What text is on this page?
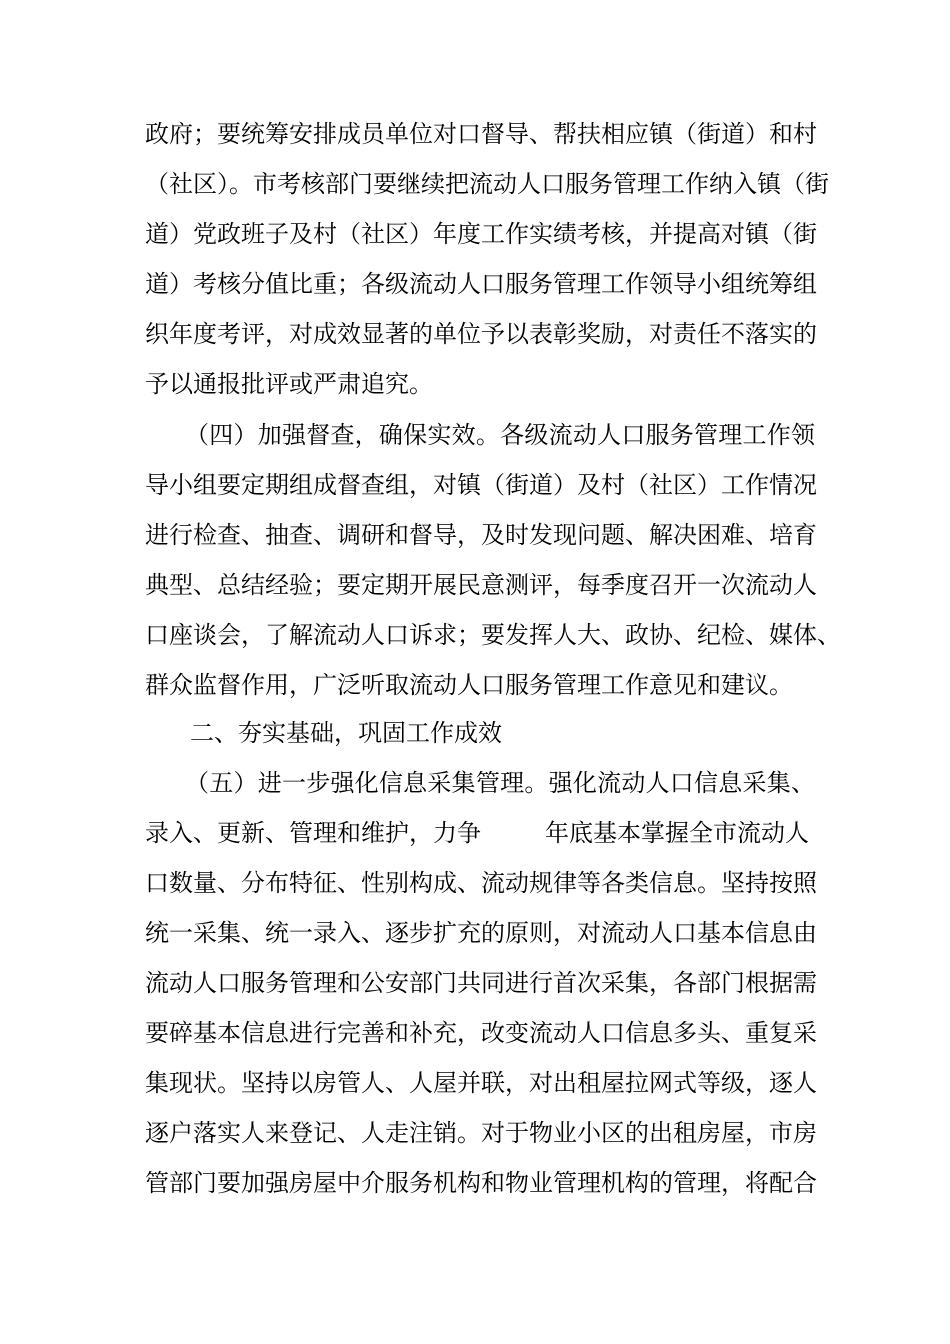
政府；要统筹安排成员单位对口督导、帮扶相应镇（街道）和村
（社区）。市考核部门要继续把流动人口服务管理工作纳入镇（街
道）党政班子及村（社区）年度工作实绩考核，并提高对镇（街
道）考核分值比重；各级流动人口服务管理工作领导小组统筹组
织年度考评，对成效显著的单位予以表彰奖励，对责任不落实的
予以通报批评或严肃追究。
（四）加强督查，确保实效。各级流动人口服务管理工作领
导小组要定期组成督查组，对镇（街道）及村（社区）工作情况
进行检查、抽查、调研和督导，及时发现问题、解决困难、培育
典型、总结经验；要定期开展民意测评，每季度召开一次流动人
口座谈会，了解流动人口诉求；要发挥人大、政协、纪检、媒体、
群众监督作用，广泛听取流动人口服务管理工作意见和建议。
二、夯实基础，巩固工作成效
（五）进一步强化信息采集管理。强化流动人口信息采集、
录入、更新、管理和维护，力争	年底基本掌握全市流动人
口数量、分布特征、性别构成、流动规律等各类信息。坚持按照
统一采集、统一录入、逐步扩充的原则，对流动人口基本信息由
流动人口服务管理和公安部门共同进行首次采集，各部门根据需
要碎基本信息进行完善和补充，改变流动人口信息多头、重复采
集现状。坚持以房管人、人屋并联，对出租屋拉网式等级，逐人
逐户落实人来登记、人走注销。对于物业小区的出租房屋，市房
管部门要加强房屋中介服务机构和物业管理机构的管理，将配合
